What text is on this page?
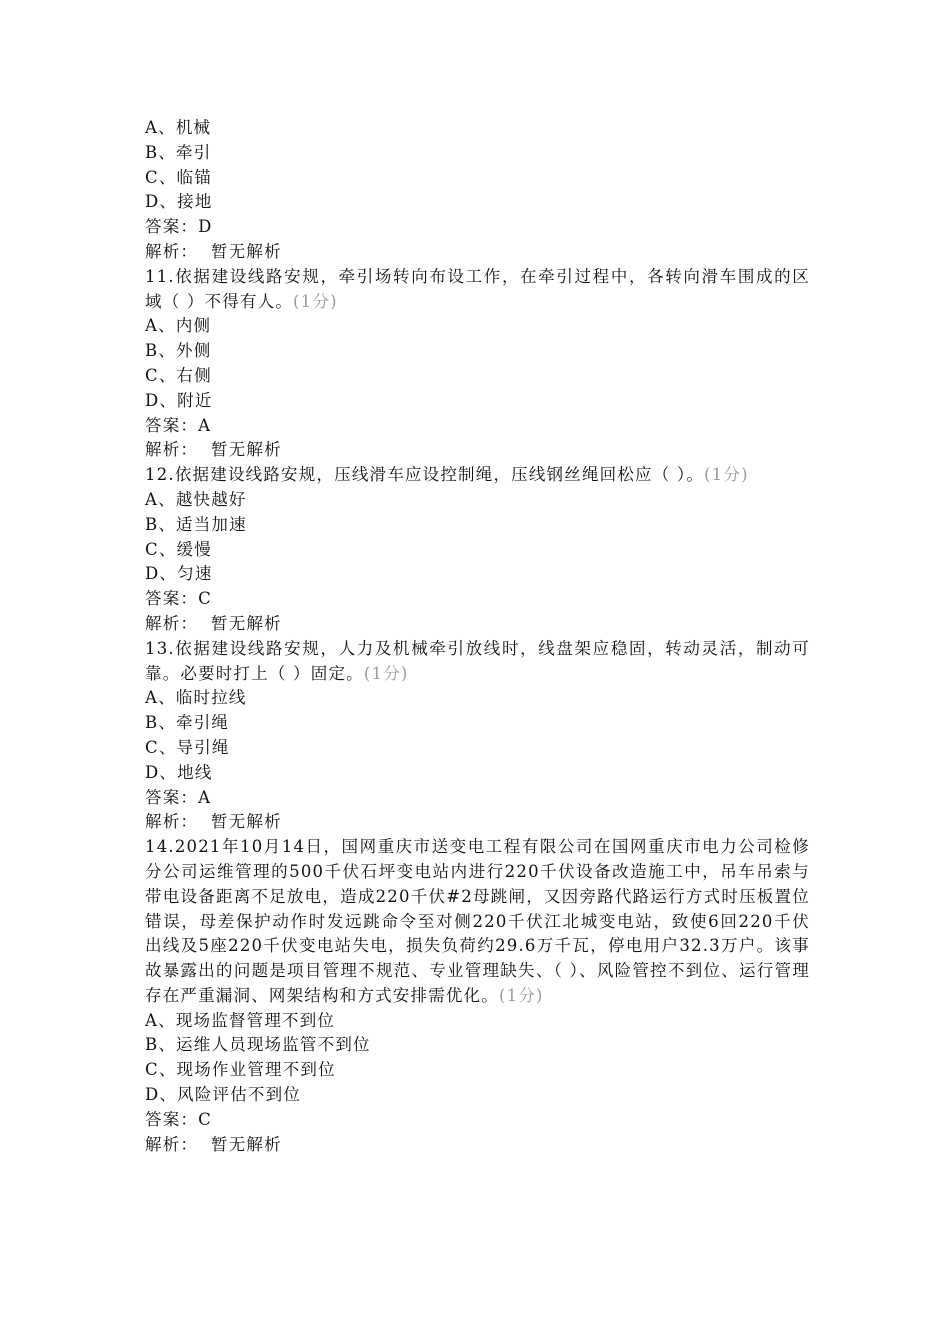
A、机械
B、牵引
C、临锚
D、接地
答案：D
解析：  暂无解析

11.依据建设线路安规，牵引场转向布设工作，在牵引过程中，各转向滑车围成的区域（ ）不得有人。(1分)

A、内侧
B、外侧
C、右侧
D、附近
答案：A
解析：  暂无解析

12.依据建设线路安规，压线滑车应设控制绳，压线钢丝绳回松应（ ）。(1分)

A、越快越好
B、适当加速
C、缓慢
D、匀速
答案：C
解析：  暂无解析

13.依据建设线路安规，人力及机械牵引放线时，线盘架应稳固，转动灵活，制动可靠。必要时打上（ ）固定。(1分)

A、临时拉线
B、牵引绳
C、导引绳
D、地线
答案：A
解析：  暂无解析

14.2021年10月14日，国网重庆市送变电工程有限公司在国网重庆市电力公司检修分公司运维管理的500千伏石坪变电站内进行220千伏设备改造施工中，吊车吊索与带电设备距离不足放电，造成220千伏#2母跳闸，又因旁路代路运行方式时压板置位错误，母差保护动作时发远跳命令至对侧220千伏江北城变电站，致使6回220千伏出线及5座220千伏变电站失电，损失负荷约29.6万千瓦，停电用户32.3万户。该事故暴露出的问题是项目管理不规范、专业管理缺失、（ ）、风险管控不到位、运行管理存在严重漏洞、网架结构和方式安排需优化。(1分)

A、现场监督管理不到位
B、运维人员现场监管不到位
C、现场作业管理不到位
D、风险评估不到位
答案：C
解析：  暂无解析
